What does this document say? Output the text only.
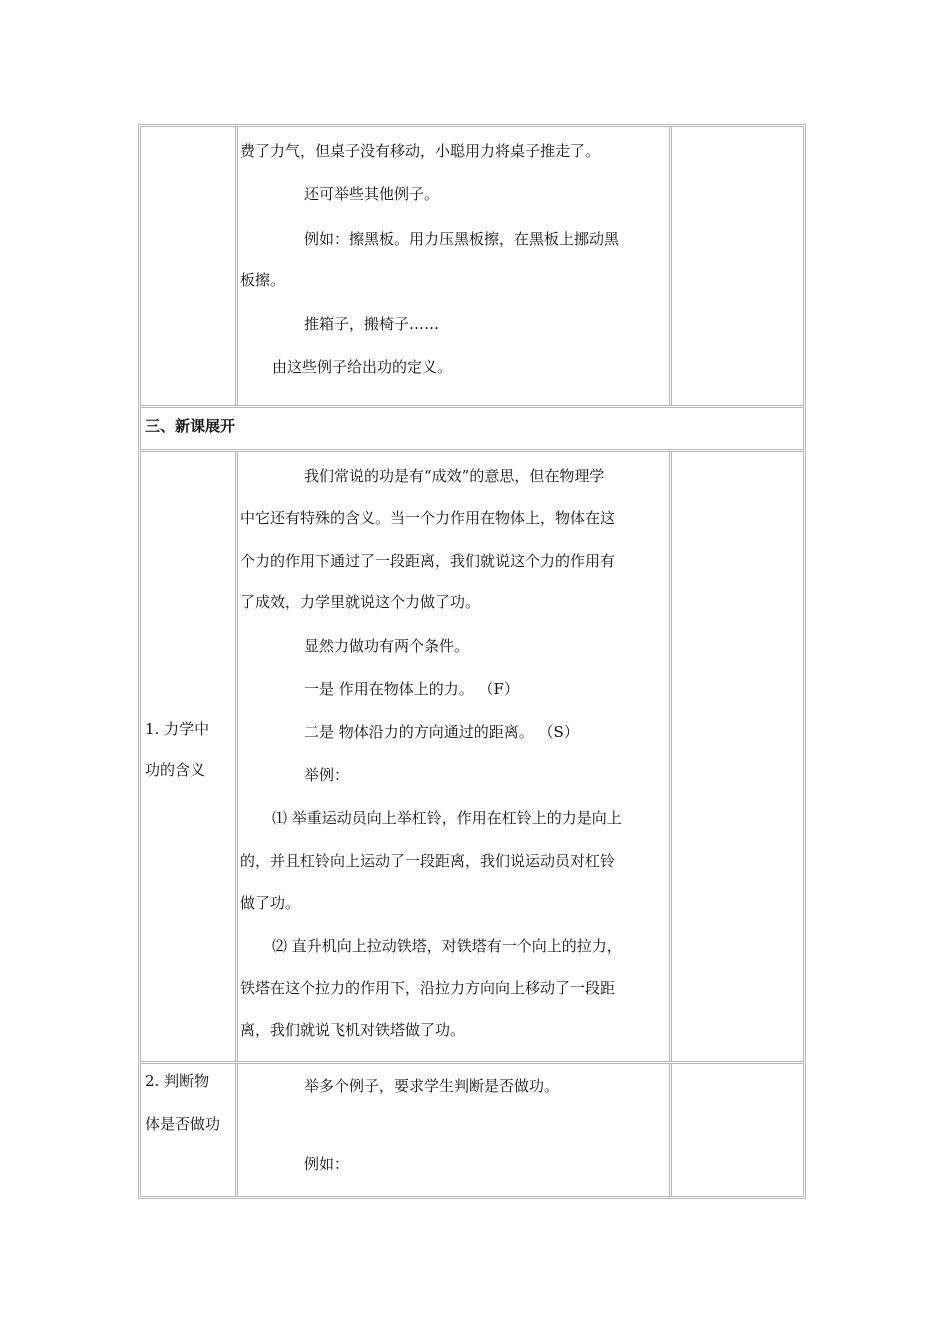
费了力气，但桌子没有移动，小聪用力将桌子推走了。
还可举些其他例子。
例如：擦黑板。用力压黑板擦，在黑板上挪动黑
板擦。
推箱子，搬椅子……
由这些例子给出功的定义。
三、新课展开
1. 力学中
功的含义
我们常说的功是有“成效”的意思，但在物理学
中它还有特殊的含义。当一个力作用在物体上，物体在这
个力的作用下通过了一段距离，我们就说这个力的作用有
了成效，力学里就说这个力做了功。
显然力做功有两个条件。
一是 作用在物体上的力。 （F）
二是 物体沿力的方向通过的距离。 （S）
举例：
⑴ 举重运动员向上举杠铃，作用在杠铃上的力是向上
的，并且杠铃向上运动了一段距离，我们说运动员对杠铃
做了功。
⑵ 直升机向上拉动铁塔，对铁塔有一个向上的拉力，
铁塔在这个拉力的作用下，沿拉力方向向上移动了一段距
离，我们就说飞机对铁塔做了功。
2. 判断物
体是否做功
举多个例子，要求学生判断是否做功。
例如：
